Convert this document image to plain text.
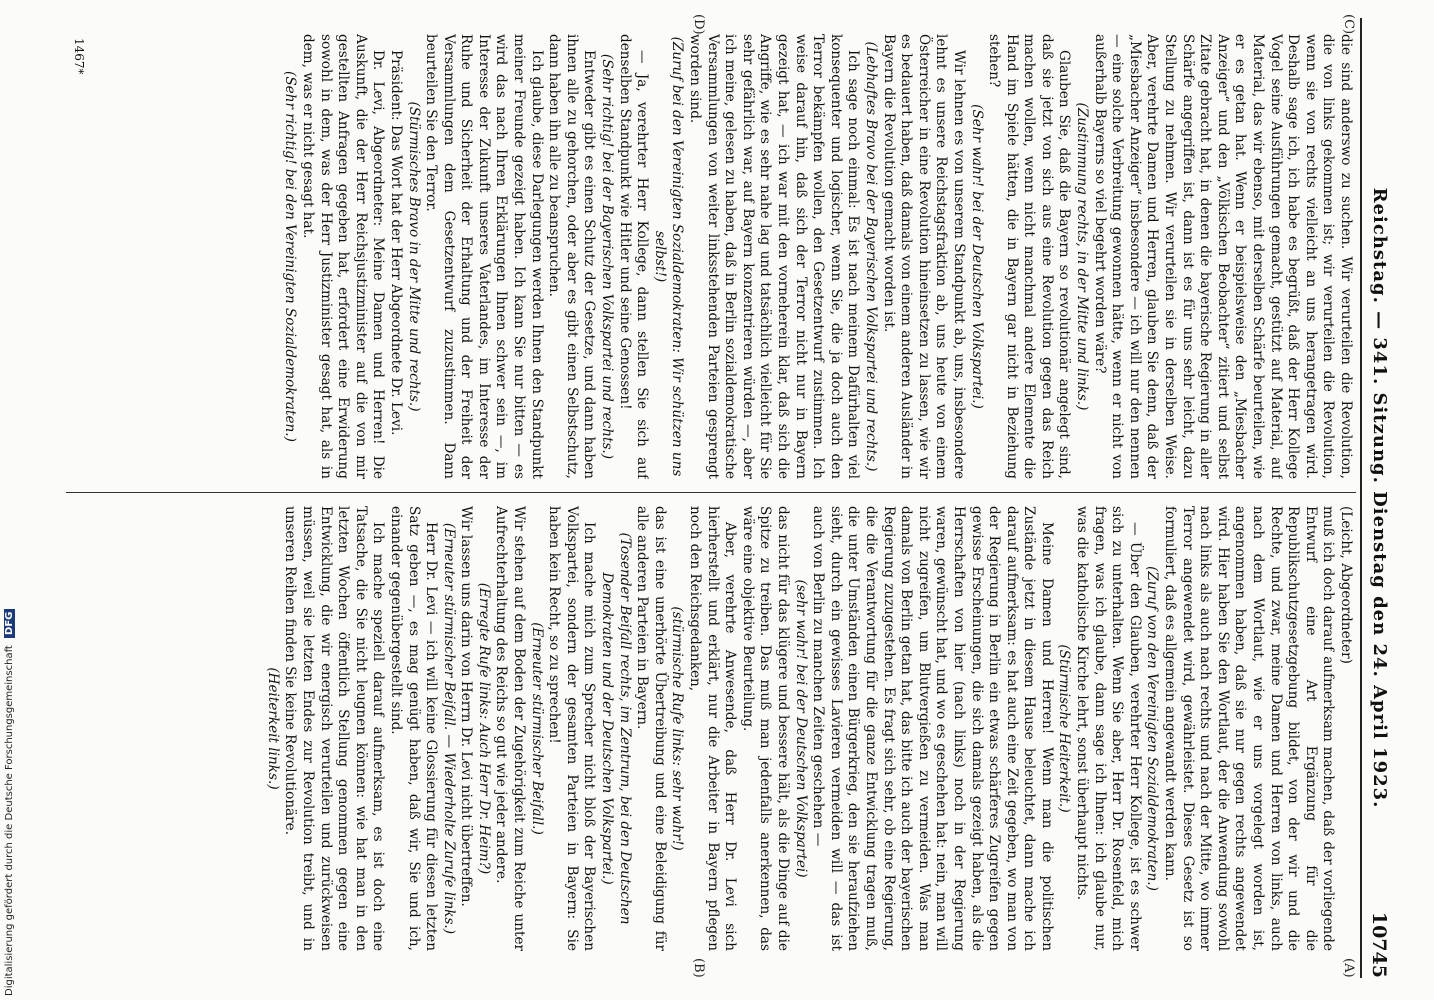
Reichstag. — 341. Sitzung. Dienstag den 24. April 1923.
10745
(A)
(B)
(C)
(D)

(Leicht, Abgeordneter)

muß ich doch darauf aufmerksam machen, daß der vorliegende Entwurf eine Art Ergänzung für die Republikschutzgesetzgebung bildet, von der wir und die Rechte, und zwar, meine Damen und Herren von links, auch nach dem Wortlaut, wie er uns vorgelegt worden ist, angenommen haben, daß sie nur gegen rechts angewendet wird. Hier haben Sie den Wortlaut, der die Anwendung sowohl nach links als auch nach rechts und nach der Mitte, wo immer Terror angewendet wird, gewährleistet. Dieses Gesetz ist so formuliert, daß es allgemein angewandt werden kann.

(Zuruf von den Vereinigten Sozialdemokraten.)

— Über den Glauben, verehrter Herr Kollege, ist es schwer sich zu unterhalten. Wenn Sie aber, Herr Dr. Rosenfeld, mich fragen, was ich glaube, dann sage ich Ihnen: ich glaube nur, was die katholische Kirche lehrt, sonst überhaupt nichts.

(Stürmische Heiterkeit.)

Meine Damen und Herren! Wenn man die politischen Zustände jetzt in diesem Hause beleuchtet, dann mache ich darauf aufmerksam: es hat auch eine Zeit gegeben, wo man von der Regierung in Berlin ein etwas schärferes Zugreifen gegen gewisse Erscheinungen, die sich damals gezeigt haben, als die Herrschaften von hier (nach links) noch in der Regierung waren, gewünscht hat, und wo es geschehen hat: nein, man will nicht zugreifen, um Blutvergießen zu vermeiden. Was man damals von Berlin getan hat, das bitte ich auch der bayerischen Regierung zuzugestehen. Es fragt sich sehr, ob eine Regierung, die die Verantwortung für die ganze Entwicklung tragen muß, die unter Umständen einen Bürgerkrieg, den sie heraufziehen sieht, durch ein gewisses Lavieren vermeiden will — das ist auch von Berlin zu manchen Zeiten geschehen —

(sehr wahr! bei der Deutschen Volkspartei)

das nicht für das klügere und bessere hält, als die Dinge auf die Spitze zu treiben. Das muß man jedenfalls anerkennen, das wäre eine objektive Beurteilung.

Aber, verehrte Anwesende, daß Herr Dr. Levi sich hierherstellt und erklärt, nur die Arbeiter in Bayern pflegen noch den Reichsgedanken,

(stürmische Rufe links: sehr wahr!)

das ist eine unerhörte Übertreibung und eine Beleidigung für alle anderen Parteien in Bayern.

(Tosender Beifall rechts, im Zentrum, bei den Deutschen Demokraten und der Deutschen Volkspartei.)

Ich mache mich zum Sprecher nicht bloß der Bayerischen Volkspartei, sondern der gesamten Parteien in Bayern: Sie haben kein Recht, so zu sprechen!

(Erneuter stürmischer Beifall.)

Wir stehen auf dem Boden der Zugehörigkeit zum Reiche unter Aufrechterhaltung des Reichs so gut wie jeder andere.

(Erregte Rufe links: Auch Herr Dr. Heim?)

Wir lassen uns darin von Herrn Dr. Levi nicht übertreffen.

(Erneuter stürmischer Beifall. — Wiederholte Zurufe links.)

Herr Dr. Levi — ich will keine Glossierung für diesen letzten Satz geben —, es mag genügt haben, daß wir, Sie und ich, einander gegenübergestellt sind.

Ich mache speziell darauf aufmerksam, es ist doch eine Tatsache, die Sie nicht leugnen können: wie hat man in den letzten Wochen öffentlich Stellung genommen gegen eine Entwicklung, die wir energisch verurteilen und zurückweisen müssen, weil sie letzten Endes zur Revolution treibt, und in unseren Reihen finden Sie keine Revolutionäre.

(Heiterkeit links.)

die sind anderswo zu suchen. Wir verurteilen die Revolution, die von links gekommen ist; wir verurteilen die Revolution, wenn sie von rechts vielleicht an uns herangetragen wird. Deshalb sage ich, ich habe es begrüßt, daß der Herr Kollege Vogel seine Ausführungen gemacht, gestützt auf Material, auf Material, das wir ebenso, mit derselben Schärfe beurteilen, wie er es getan hat. Wenn er beispielsweise den „Miesbacher Anzeiger“ und den „Völkischen Beobachter“ zitiert und selbst Zitate gebracht hat, in denen die bayerische Regierung in aller Schärfe angegriffen ist, dann ist es für uns sehr leicht, dazu Stellung zu nehmen. Wir verurteilen sie in derselben Weise. Aber, verehrte Damen und Herren, glauben Sie denn, daß der „Miesbacher Anzeiger“ insbesondere — ich will nur den nennen — eine solche Verbreitung gewonnen hätte, wenn er nicht von außerhalb Bayerns so viel begehrt worden wäre?

(Zustimmung rechts, in der Mitte und links.)

Glauben Sie, daß die Bayern so revolutionär angelegt sind, daß sie jetzt von sich aus eine Revolution gegen das Reich machen wollen, wenn nicht manchmal andere Elemente die Hand im Spiele hätten, die in Bayern gar nicht in Beziehung stehen?

(Sehr wahr! bei der Deutschen Volkspartei.)

Wir lehnen es von unserem Standpunkt ab, uns, insbesondere lehnt es unsere Reichstagsfraktion ab, uns heute von einem Österreicher in eine Revolution hineinsetzen zu lassen, wie wir es bedauert haben, daß damals von einem anderen Ausländer in Bayern die Revolution gemacht worden ist.

(Lebhaftes Bravo bei der Bayerischen Volkspartei und rechts.)

Ich sage noch einmal: Es ist nach meinem Dafürhalten viel konsequenter und logischer, wenn Sie, die ja doch auch den Terror bekämpfen wollen, den Gesetzentwurf zustimmen. Ich weise darauf hin, daß sich der Terror nicht nur in Bayern gezeigt hat, — ich war mit den vorneherein klar, daß sich die Angriffe, wie es sehr nahe lag und tatsächlich vielleicht für Sie sehr gefährlich war, auf Bayern konzentrieren würden —, aber ich meine, gelesen zu haben, daß in Berlin sozialdemokratische Versammlungen von weiter linksstehenden Parteien gesprengt worden sind.

(Zuruf bei den Vereinigten Sozialdemokraten: Wir schützen uns selbst!)

— Ja, verehrter Herr Kollege, dann stellen Sie sich auf denselben Standpunkt wie Hitler und seine Genossen!

(Sehr richtig! bei der Bayerischen Volkspartei und rechts.)

Entweder gibt es einen Schutz der Gesetze, und dann haben ihnen alle zu gehorchen, oder aber es gibt einen Selbstschutz, dann haben ihn alle zu beanspruchen.

Ich glaube, diese Darlegungen werden Ihnen den Standpunkt meiner Freunde gezeigt haben. Ich kann Sie nur bitten — es wird das nach Ihren Erklärungen Ihnen schwer sein —, im Interesse der Zukunft unseres Vaterlandes, im Interesse der Ruhe und Sicherheit der Erhaltung und der Freiheit der Versammlungen dem Gesetzentwurf zuzustimmen. Dann beurteilen Sie den Terror.

(Stürmisches Bravo in der Mitte und rechts.)

Präsident: Das Wort hat der Herr Abgeordnete Dr. Levi.

Dr. Levi, Abgeordneter: Meine Damen und Herren! Die Auskunft, die der Herr Reichsjustizminister auf die von mir gestellten Anfragen gegeben hat, erfordert eine Erwiderung sowohl in dem, was der Herr Justizminister gesagt hat, als in dem, was er nicht gesagt hat.

(Sehr richtig! bei den Vereinigten Sozialdemokraten.)

1467*
Digitalisierung gefördert durch die Deutsche Forschungsgemeinschaft DFG
